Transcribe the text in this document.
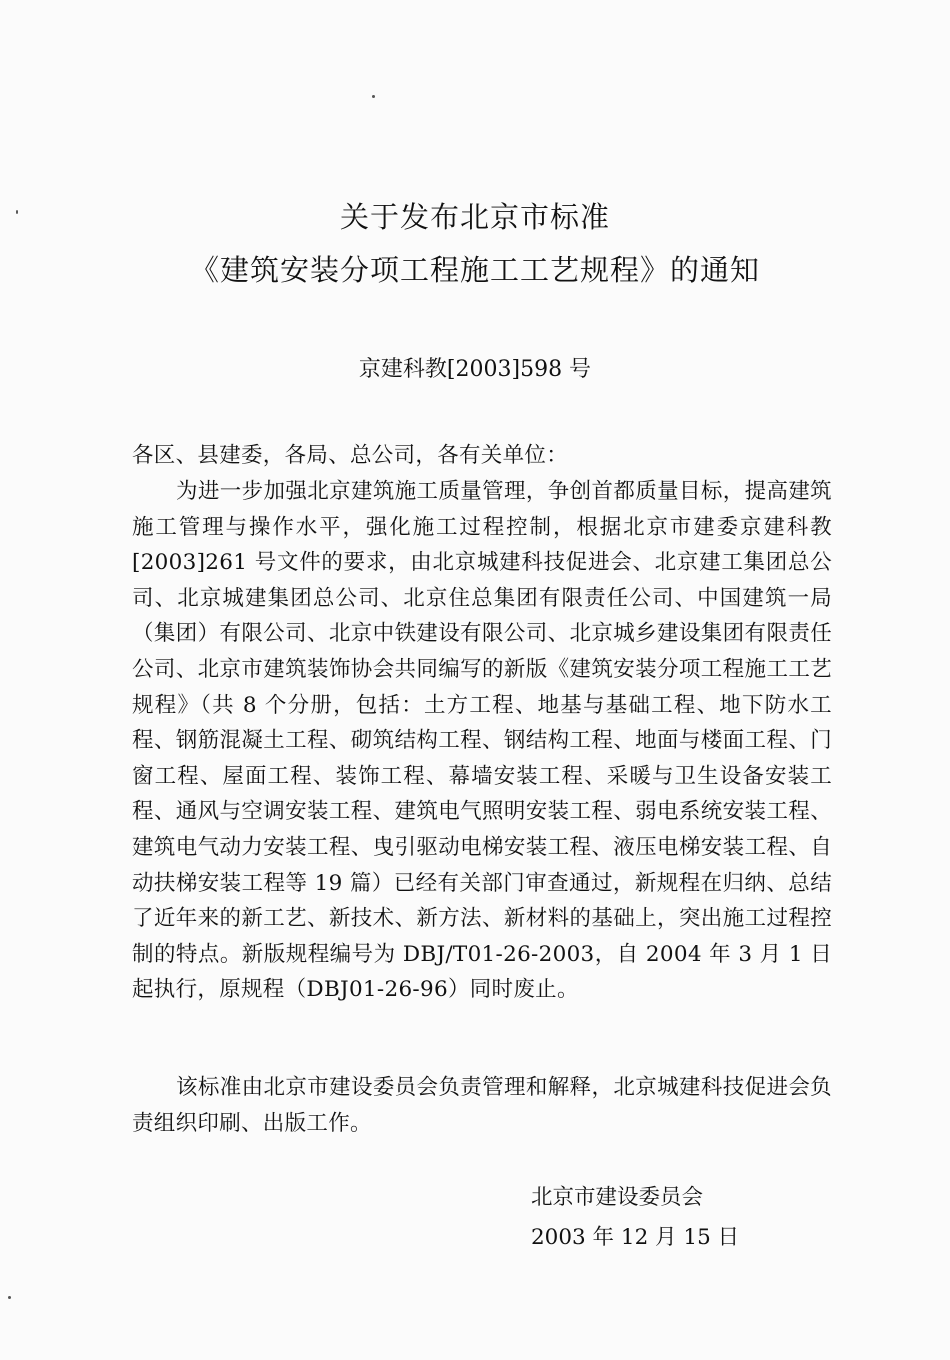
关于发布北京市标准
《建筑安装分项工程施工工艺规程》的通知
京建科教[2003]598 号
各区、县建委，各局、总公司，各有关单位：
为进一步加强北京建筑施工质量管理，争创首都质量目标，提高建筑施工管理与操作水平，强化施工过程控制，根据北京市建委京建科教[2003]261 号文件的要求，由北京城建科技促进会、北京建工集团总公司、北京城建集团总公司、北京住总集团有限责任公司、中国建筑一局（集团）有限公司、北京中铁建设有限公司、北京城乡建设集团有限责任公司、北京市建筑装饰协会共同编写的新版《建筑安装分项工程施工工艺规程》（共 8 个分册，包括：土方工程、地基与基础工程、地下防水工程、钢筋混凝土工程、砌筑结构工程、钢结构工程、地面与楼面工程、门窗工程、屋面工程、装饰工程、幕墙安装工程、采暖与卫生设备安装工程、通风与空调安装工程、建筑电气照明安装工程、弱电系统安装工程、建筑电气动力安装工程、曳引驱动电梯安装工程、液压电梯安装工程、自动扶梯安装工程等 19 篇）已经有关部门审查通过，新规程在归纳、总结了近年来的新工艺、新技术、新方法、新材料的基础上，突出施工过程控制的特点。新版规程编号为 DBJ/T01-26-2003，自 2004 年 3 月 1 日起执行，原规程（DBJ01-26-96）同时废止。
该标准由北京市建设委员会负责管理和解释，北京城建科技促进会负责组织印刷、出版工作。
北京市建设委员会
2003 年 12 月 15 日
